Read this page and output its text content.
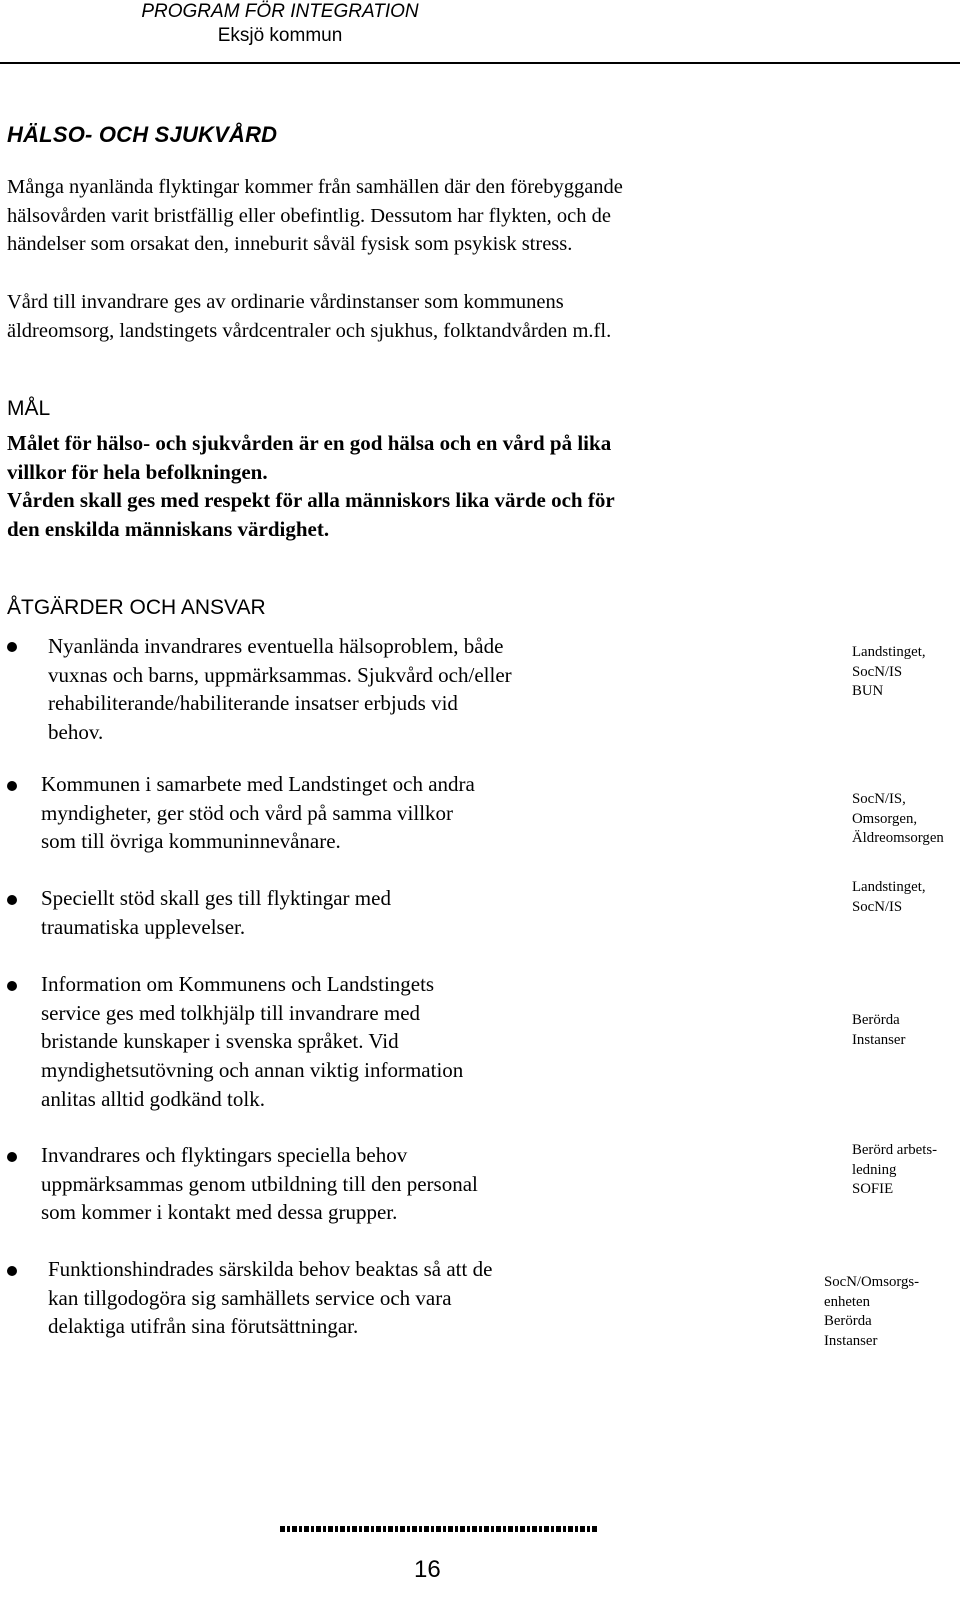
PROGRAM FÖR INTEGRATION
Eksjö kommun
HÄLSO- OCH SJUKVÅRD
Många nyanlända flyktingar kommer från samhällen där den förebyggande
hälsovården varit bristfällig eller obefintlig. Dessutom har flykten, och de
händelser som orsakat den, inneburit såväl fysisk som psykisk stress.
Vård till invandrare ges av ordinarie vårdinstanser som kommunens
äldreomsorg, landstingets vårdcentraler och sjukhus, folktandvården m.fl.
MÅL
Målet för hälso- och sjukvården är en god hälsa och en vård på lika
villkor för hela befolkningen.
Vården skall ges med respekt för alla människors lika värde och för
den enskilda människans värdighet.
ÅTGÄRDER OCH ANSVAR
Nyanlända invandrares eventuella hälsoproblem, både
vuxnas och barns, uppmärksammas. Sjukvård och/eller
rehabiliterande/habiliterande insatser erbjuds vid
behov.
Landstinget,
SocN/IS
BUN
Kommunen i samarbete med Landstinget och andra
myndigheter, ger stöd och vård på samma villkor
som till övriga kommuninnevånare.
SocN/IS,
Omsorgen,
Äldreomsorgen
Speciellt stöd skall ges till flyktingar med
traumatiska upplevelser.
Landstinget,
SocN/IS
Information om Kommunens och Landstingets
service ges med tolkhjälp till invandrare med
bristande kunskaper i svenska språket. Vid
myndighetsutövning och annan viktig information
anlitas alltid godkänd tolk.
Berörda
Instanser
Invandrares och flyktingars speciella behov
uppmärksammas genom utbildning till den personal
som kommer i kontakt med dessa grupper.
Berörd arbets-
ledning
SOFIE
Funktionshindrades särskilda behov beaktas så att de
kan tillgodogöra sig samhällets service och vara
delaktiga utifrån sina förutsättningar.
SocN/Omsorgs-
enheten
Berörda
Instanser
16
